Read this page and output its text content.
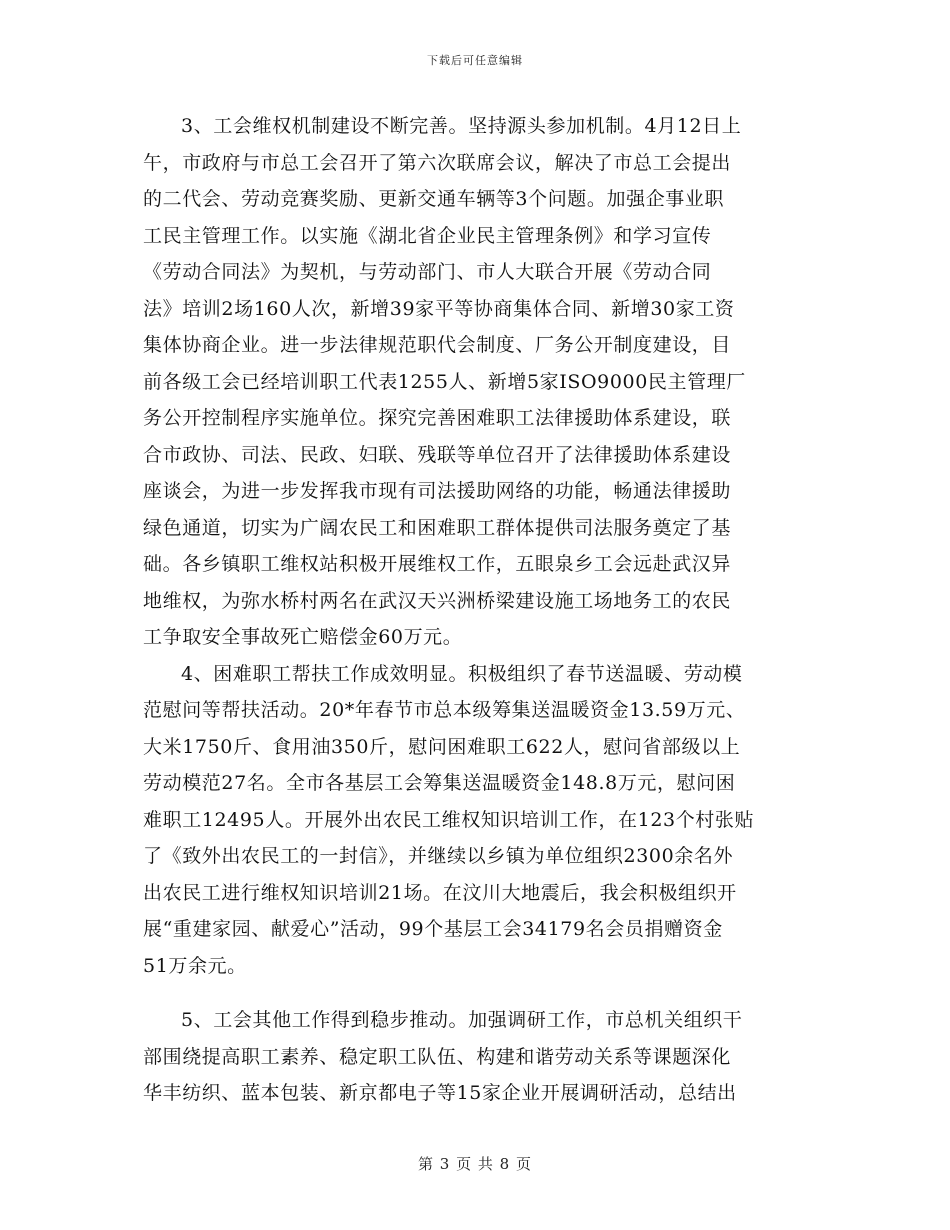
下载后可任意编辑
3、工会维权机制建设不断完善。坚持源头参加机制。4月12日上
午，市政府与市总工会召开了第六次联席会议，解决了市总工会提出
的二代会、劳动竞赛奖励、更新交通车辆等3个问题。加强企事业职
工民主管理工作。以实施《湖北省企业民主管理条例》和学习宣传
《劳动合同法》为契机，与劳动部门、市人大联合开展《劳动合同
法》培训2场160人次，新增39家平等协商集体合同、新增30家工资
集体协商企业。进一步法律规范职代会制度、厂务公开制度建设，目
前各级工会已经培训职工代表1255人、新增5家ISO9000民主管理厂
务公开控制程序实施单位。探究完善困难职工法律援助体系建设，联
合市政协、司法、民政、妇联、残联等单位召开了法律援助体系建设
座谈会，为进一步发挥我市现有司法援助网络的功能，畅通法律援助
绿色通道，切实为广阔农民工和困难职工群体提供司法服务奠定了基
础。各乡镇职工维权站积极开展维权工作，五眼泉乡工会远赴武汉异
地维权，为弥水桥村两名在武汉天兴洲桥梁建设施工场地务工的农民
工争取安全事故死亡赔偿金60万元。
4、困难职工帮扶工作成效明显。积极组织了春节送温暖、劳动模
范慰问等帮扶活动。20*年春节市总本级筹集送温暖资金13.59万元、
大米1750斤、食用油350斤，慰问困难职工622人，慰问省部级以上
劳动模范27名。全市各基层工会筹集送温暖资金148.8万元，慰问困
难职工12495人。开展外出农民工维权知识培训工作，在123个村张贴
了《致外出农民工的一封信》，并继续以乡镇为单位组织2300余名外
出农民工进行维权知识培训21场。在汶川大地震后，我会积极组织开
展“重建家园、献爱心”活动，99个基层工会34179名会员捐赠资金
51万余元。
5、工会其他工作得到稳步推动。加强调研工作，市总机关组织干
部围绕提高职工素养、稳定职工队伍、构建和谐劳动关系等课题深化
华丰纺织、蓝本包装、新京都电子等15家企业开展调研活动，总结出
第 3 页 共 8 页
